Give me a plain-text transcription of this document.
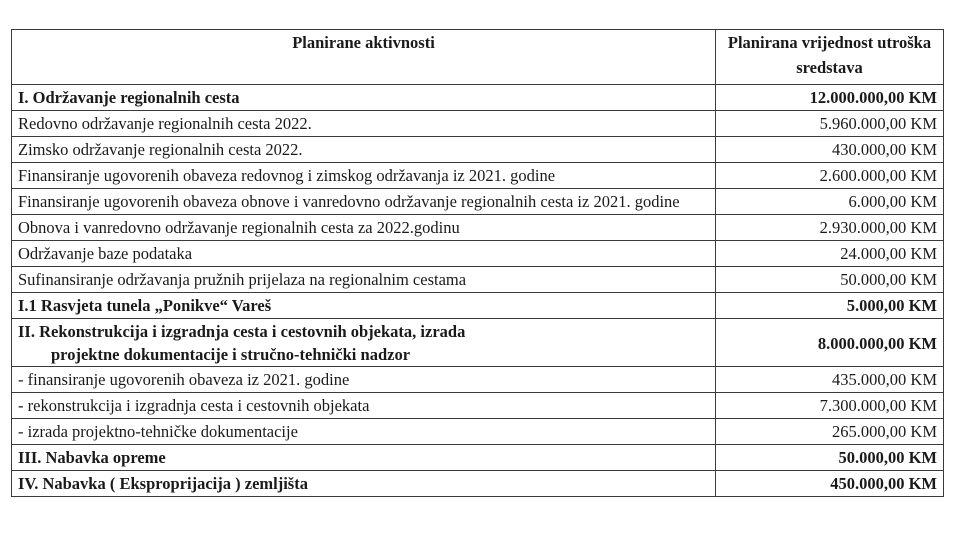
Planirane aktivnosti	Planirana vrijednost utroška sredstava
I. Održavanje regionalnih cesta	12.000.000,00 KM
Redovno održavanje regionalnih cesta 2022.	5.960.000,00 KM
Zimsko održavanje regionalnih cesta 2022.	430.000,00 KM
Finansiranje ugovorenih obaveza redovnog i zimskog održavanja iz 2021. godine	2.600.000,00 KM

Finansiranje ugovorenih obaveza obnove i vanredovno održavanje regionalnih cesta iz 2021. godine	6.000,00 KM
Obnova i vanredovno održavanje regionalnih cesta za 2022.godinu	2.930.000,00 KM
Održavanje baze podataka	24.000,00 KM
Sufinansiranje održavanja pružnih prijelaza na regionalnim cestama	50.000,00 KM
I.1 Rasvjeta tunela „Ponikve“ Vareš	5.000,00 KM
II. Rekonstrukcija i izgradnja cesta i cestovnih objekata, izrada
projektne dokumentacije i stručno-tehnički nadzor	8.000.000,00 KM
- finansiranje ugovorenih obaveza iz 2021. godine	435.000,00 KM
- rekonstrukcija i izgradnja cesta i cestovnih objekata	7.300.000,00 KM
- izrada projektno-tehničke dokumentacije	265.000,00 KM
III. Nabavka opreme	50.000,00 KM
IV. Nabavka ( Eksproprijacija ) zemljišta	450.000,00 KM
